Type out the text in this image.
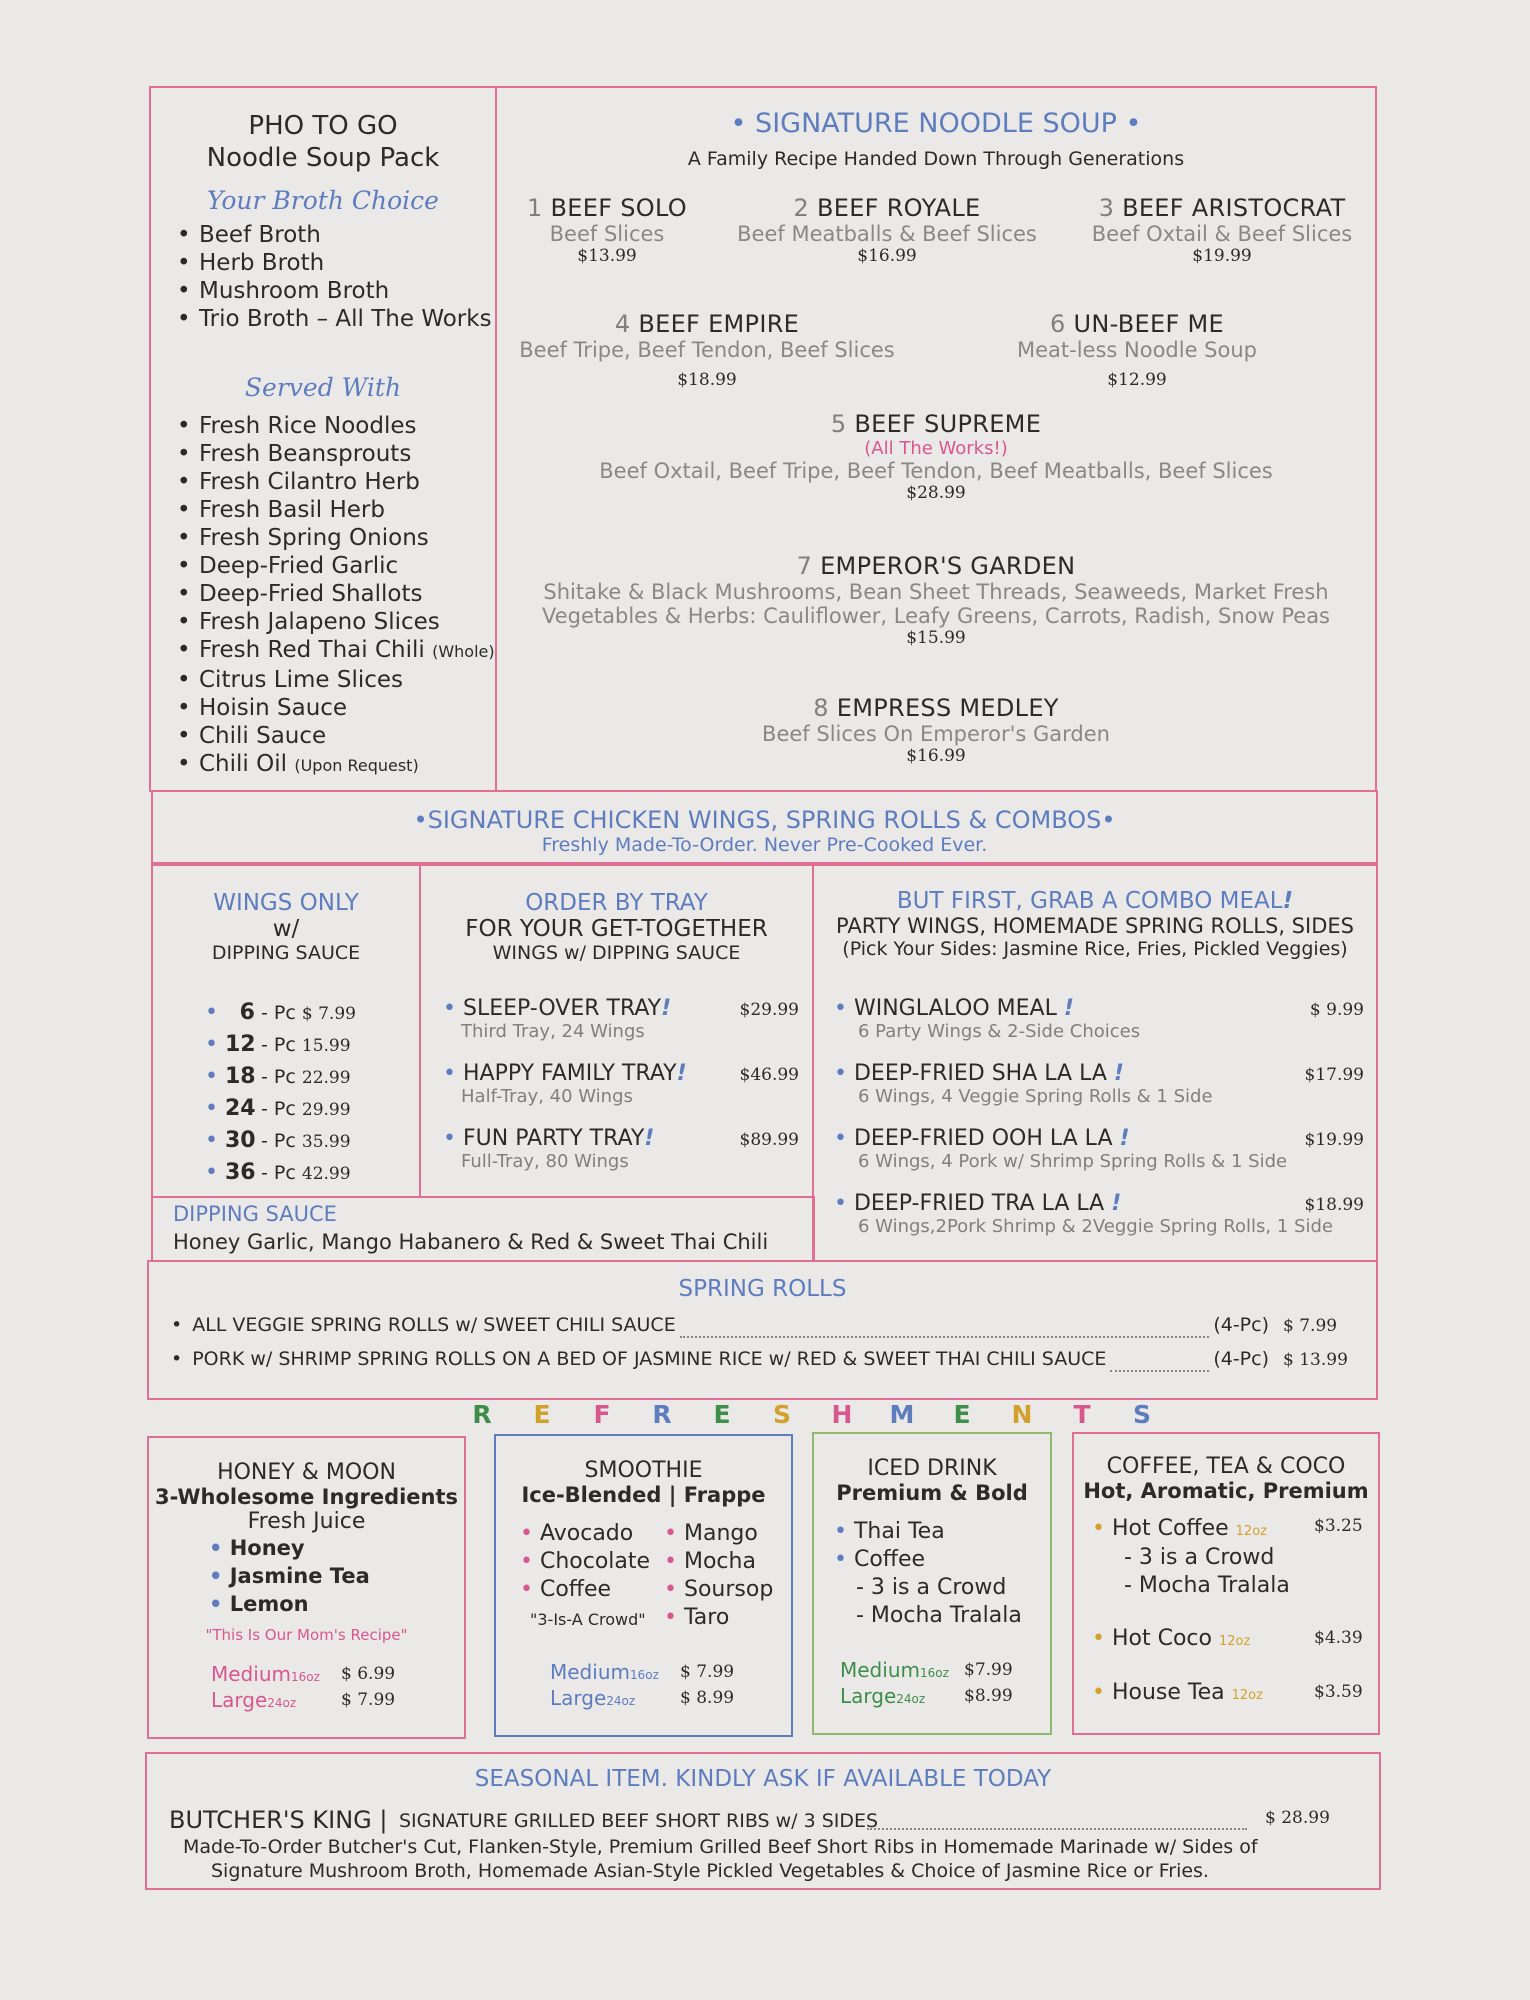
PHO TO GO
Noodle Soup Pack
Your Broth Choice
• Beef Broth
• Herb Broth
• Mushroom Broth
• Trio Broth – All The Works
Served With
• Fresh Rice Noodles
• Fresh Beansprouts
• Fresh Cilantro Herb
• Fresh Basil Herb
• Fresh Spring Onions
• Deep-Fried Garlic
• Deep-Fried Shallots
• Fresh Jalapeno Slices
• Fresh Red Thai Chili (Whole)
• Citrus Lime Slices
• Hoisin Sauce
• Chili Sauce
• Chili Oil (Upon Request)
• SIGNATURE NOODLE SOUP •
A Family Recipe Handed Down Through Generations
1 BEEF SOLO
Beef Slices
$13.99
2 BEEF ROYALE
Beef Meatballs & Beef Slices
$16.99
3 BEEF ARISTOCRAT
Beef Oxtail & Beef Slices
$19.99
4 BEEF EMPIRE
Beef Tripe, Beef Tendon, Beef Slices
$18.99
6 UN-BEEF ME
Meat-less Noodle Soup
$12.99
5 BEEF SUPREME
(All The Works!)
Beef Oxtail, Beef Tripe, Beef Tendon, Beef Meatballs, Beef Slices
$28.99
7 EMPEROR'S GARDEN
Shitake & Black Mushrooms, Bean Sheet Threads, Seaweeds, Market Fresh
Vegetables & Herbs: Cauliflower, Leafy Greens, Carrots, Radish, Snow Peas
$15.99
8 EMPRESS MEDLEY
Beef Slices On Emperor's Garden
$16.99
•SIGNATURE CHICKEN WINGS, SPRING ROLLS & COMBOS•
Freshly Made-To-Order. Never Pre-Cooked Ever.
WINGS ONLY
w/
DIPPING SAUCE
• 6 - Pc $ 7.99
• 12 - Pc 15.99
• 18 - Pc 22.99
• 24 - Pc 29.99
• 30 - Pc 35.99
• 36 - Pc 42.99
ORDER BY TRAY
FOR YOUR GET-TOGETHER
WINGS w/ DIPPING SAUCE
• SLEEP-OVER TRAY!	$29.99
Third Tray, 24 Wings
• HAPPY FAMILY TRAY!	$46.99
Half-Tray, 40 Wings
• FUN PARTY TRAY!	$89.99
Full-Tray, 80 Wings
DIPPING SAUCE
Honey Garlic, Mango Habanero & Red & Sweet Thai Chili
BUT FIRST, GRAB A COMBO MEAL!
PARTY WINGS, HOMEMADE SPRING ROLLS, SIDES
(Pick Your Sides: Jasmine Rice, Fries, Pickled Veggies)
• WINGLALOO MEAL !	$ 9.99
6 Party Wings & 2-Side Choices
• DEEP-FRIED SHA LA LA !	$17.99
6 Wings, 4 Veggie Spring Rolls & 1 Side
• DEEP-FRIED OOH LA LA !	$19.99
6 Wings, 4 Pork w/ Shrimp Spring Rolls & 1 Side
• DEEP-FRIED TRA LA LA !	$18.99
6 Wings,2Pork Shrimp & 2Veggie Spring Rolls, 1 Side
SPRING ROLLS
• ALL VEGGIE SPRING ROLLS w/ SWEET CHILI SAUCE	(4-Pc) $ 7.99
• PORK w/ SHRIMP SPRING ROLLS ON A BED OF JASMINE RICE w/ RED & SWEET THAI CHILI SAUCE	(4-Pc) $ 13.99
R E F R E S H M E N T S
HONEY & MOON
3-Wholesome Ingredients
Fresh Juice
• Honey
• Jasmine Tea
• Lemon
"This Is Our Mom's Recipe"
Medium16oz $ 6.99
Large24oz	$ 7.99
SMOOTHIE
Ice-Blended | Frappe
• Avocado
• Chocolate
• Coffee
• Mango
• Mocha
• Soursop
• Taro
"3-Is-A Crowd"
Medium16oz $ 7.99
Large24oz	$ 8.99
ICED DRINK
Premium & Bold
• Thai Tea
• Coffee
- 3 is a Crowd
- Mocha Tralala
Medium16oz $7.99
Large24oz $8.99
COFFEE, TEA & COCO
Hot, Aromatic, Premium
• Hot Coffee 12oz	$3.25
- 3 is a Crowd
- Mocha Tralala
• Hot Coco 12oz	$4.39
• House Tea 12oz	$3.59
SEASONAL ITEM. KINDLY ASK IF AVAILABLE TODAY
BUTCHER'S KING | SIGNATURE GRILLED BEEF SHORT RIBS w/ 3 SIDES	$ 28.99
Made-To-Order Butcher's Cut, Flanken-Style, Premium Grilled Beef Short Ribs in Homemade Marinade w/ Sides of
Signature Mushroom Broth, Homemade Asian-Style Pickled Vegetables & Choice of Jasmine Rice or Fries.
